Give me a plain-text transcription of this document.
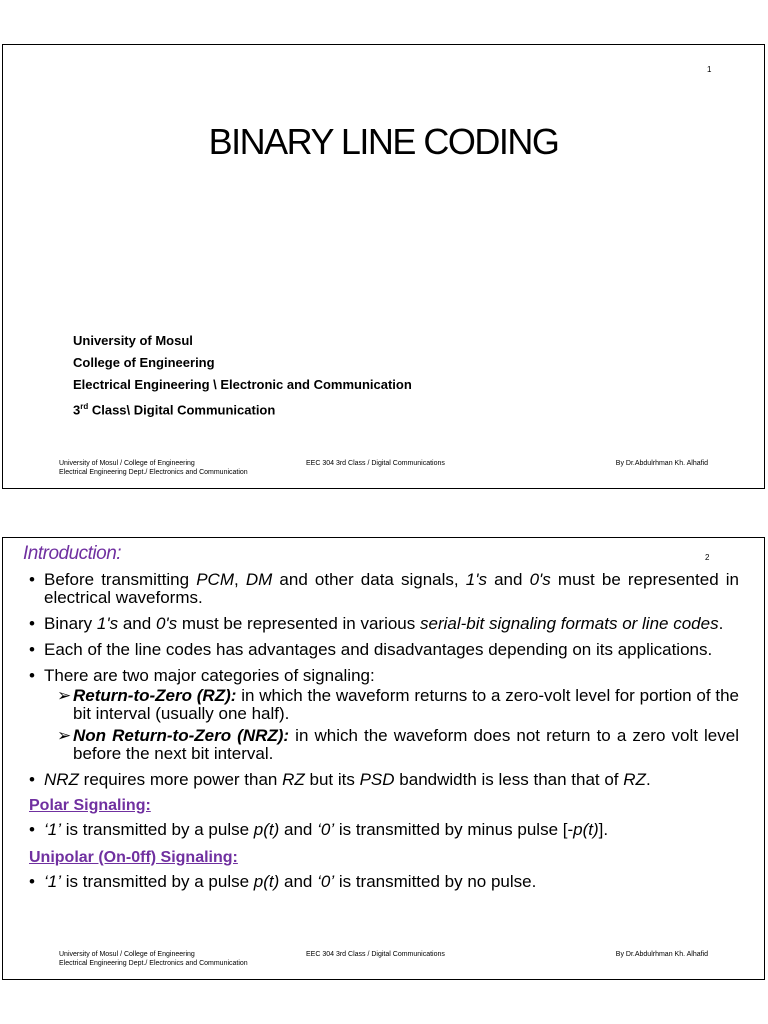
1
BINARY LINE CODING
University of Mosul
College of Engineering
Electrical Engineering \ Electronic and Communication
3rd Class\ Digital Communication
University of Mosul / College of Engineering
Electrical Engineering Dept./ Electronics and Communication
EEC 304 3rd Class / Digital Communications	By Dr.Abdulrhman Kh. Alhafid
Introduction:	2
• Before transmitting PCM, DM and other data signals, 1's and 0's must be represented in electrical waveforms.
• Binary 1's and 0's must be represented in various serial-bit signaling formats or line codes.
• Each of the line codes has advantages and disadvantages depending on its applications.
• There are two major categories of signaling:
➢ Return-to-Zero (RZ): in which the waveform returns to a zero-volt level for portion of the bit interval (usually one half).
➢ Non Return-to-Zero (NRZ): in which the waveform does not return to a zero volt level before the next bit interval.
• NRZ requires more power than RZ but its PSD bandwidth is less than that of RZ.
Polar Signaling:
• ‘1’ is transmitted by a pulse p(t) and ‘0’ is transmitted by minus pulse [-p(t)].
Unipolar (On-0ff) Signaling:
• ‘1’ is transmitted by a pulse p(t) and ‘0’ is transmitted by no pulse.
University of Mosul / College of Engineering
Electrical Engineering Dept./ Electronics and Communication
EEC 304 3rd Class / Digital Communications	By Dr.Abdulrhman Kh. Alhafid
